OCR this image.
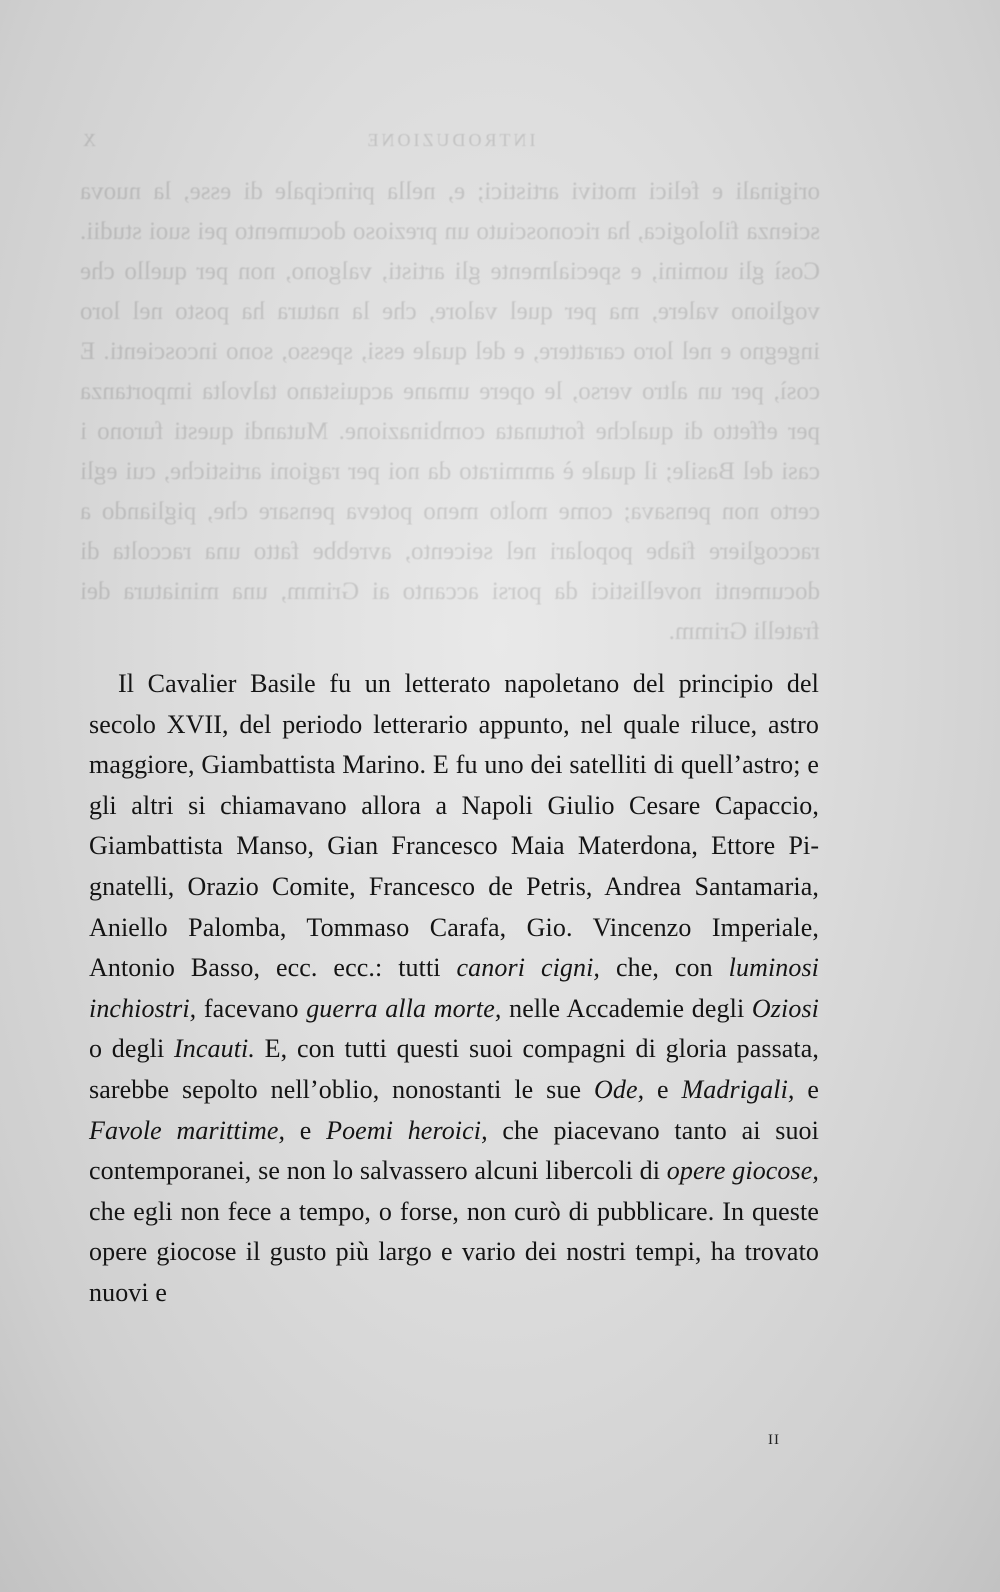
INTRODUZIONE
X

originali e felici motivi artistici; e, nella principale di esse, la nuova scienza filologica, ha riconosciuto un prezioso documento pei suoi studii. Così gli uomini, e specialmente gli artisti, valgono, non per quello che vogliono valere, ma per quel valore, che la natura ha posto nel loro ingegno e nel loro carattere, e del quale essi, spesso, sono incoscienti. E così, per un altro verso, le opere umane acquistano talvolta importanza per effetto di qualche fortunata combinazione. Mutandi questi furono i casi del Basile; il quale è ammirato da noi per ragioni artistiche, cui egli certo non pensava; come molto meno poteva pensare che, pigliando a raccogliere fiabe popolari nel seicento, avrebbe fatto una raccolta di documenti novellistici da porsi accanto ai Grimm, una miniatura dei fratelli Grimm.

Il Cavalier Basile fu un letterato napoletano del principio del secolo XVII, del periodo letterario appunto, nel quale riluce, astro maggiore, Giambattista Marino. E fu uno dei satelliti di quell’astro; e gli altri si chiamavano allora a Napoli Giulio Cesare Capaccio, Giambattista Manso, Gian Francesco Maia Materdona, Ettore Pignatelli, Orazio Comite, Francesco de Petris, Andrea Santamaria, Aniello Palomba, Tommaso Carafa, Gio. Vincenzo Imperiale, Antonio Basso, ecc. ecc.: tutti canori cigni, che, con luminosi inchiostri, facevano guerra alla morte, nelle Accademie degli Oziosi o degli Incauti. E, con tutti questi suoi compagni di gloria passata, sarebbe sepolto nell’oblio, nonostanti le sue Ode, e Madrigali, e Favole marittime, e Poemi heroici, che piacevano tanto ai suoi contemporanei, se non lo salvassero alcuni libercoli di opere giocose, che egli non fece a tempo, o forse, non curò di pubblicare. In queste opere giocose il gusto più largo e vario dei nostri tempi, ha trovato nuovi e

II
